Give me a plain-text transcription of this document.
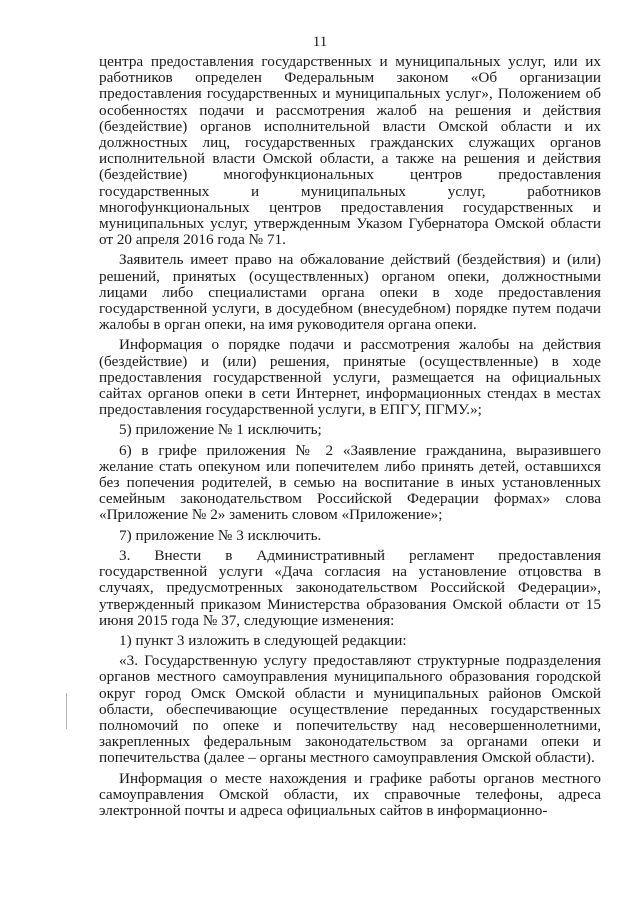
11

центра предоставления государственных и муниципальных услуг, или их работников определен Федеральным законом «Об организации предоставления государственных и муниципальных услуг», Положением об особенностях подачи и рассмотрения жалоб на решения и действия (бездействие) органов исполнительной власти Омской области и их должностных лиц, государственных гражданских служащих органов исполнительной власти Омской области, а также на решения и действия (бездействие) многофункциональных центров предоставления государственных и муниципальных услуг, работников многофункциональных центров предоставления государственных и муниципальных услуг, утвержденным Указом Губернатора Омской области от 20 апреля 2016 года № 71.

Заявитель имеет право на обжалование действий (бездействия) и (или) решений, принятых (осуществленных) органом опеки, должностными лицами либо специалистами органа опеки в ходе предоставления государственной услуги, в досудебном (внесудебном) порядке путем подачи жалобы в орган опеки, на имя руководителя органа опеки.

Информация о порядке подачи и рассмотрения жалобы на действия (бездействие) и (или) решения, принятые (осуществленные) в ходе предоставления государственной услуги, размещается на официальных сайтах органов опеки в сети Интернет, информационных стендах в местах предоставления государственной услуги, в ЕПГУ, ПГМУ.»;

5) приложение № 1 исключить;

6) в грифе приложения № 2 «Заявление гражданина, выразившего желание стать опекуном или попечителем либо принять детей, оставшихся без попечения родителей, в семью на воспитание в иных установленных семейным законодательством Российской Федерации формах» слова «Приложение № 2» заменить словом «Приложение»;

7) приложение № 3 исключить.

3. Внести в Административный регламент предоставления государственной услуги «Дача согласия на установление отцовства в случаях, предусмотренных законодательством Российской Федерации», утвержденный приказом Министерства образования Омской области от 15 июня 2015 года № 37, следующие изменения:

1) пункт 3 изложить в следующей редакции:

«3. Государственную услугу предоставляют структурные подразделения органов местного самоуправления муниципального образования городской округ город Омск Омской области и муниципальных районов Омской области, обеспечивающие осуществление переданных государственных полномочий по опеке и попечительству над несовершеннолетними, закрепленных федеральным законодательством за органами опеки и попечительства (далее – органы местного самоуправления Омской области).

Информация о месте нахождения и графике работы органов местного самоуправления Омской области, их справочные телефоны, адреса электронной почты и адреса официальных сайтов в информационно-
